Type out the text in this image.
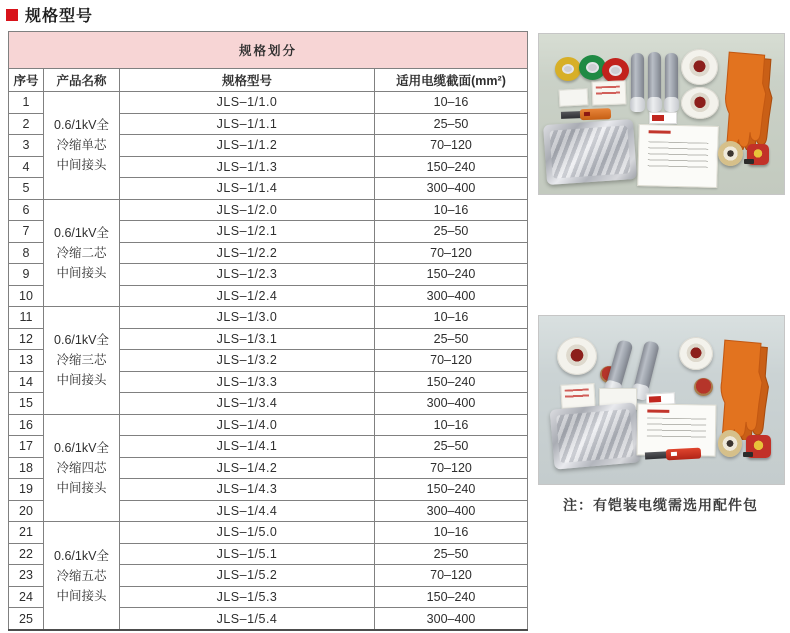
规格型号
规格划分			
序号	产品名称	规格型号	适用电缆截面(mm²)
1	0.6/1kV全
冷缩单芯
中间接头	JLS–1/1.0	10–16
2		JLS–1/1.1	25–50
3		JLS–1/1.2	70–120
4		JLS–1/1.3	150–240
5		JLS–1/1.4	300–400
6	0.6/1kV全
冷缩二芯
中间接头	JLS–1/2.0	10–16
7		JLS–1/2.1	25–50
8		JLS–1/2.2	70–120
9		JLS–1/2.3	150–240
10		JLS–1/2.4	300–400
11	0.6/1kV全
冷缩三芯
中间接头	JLS–1/3.0	10–16
12		JLS–1/3.1	25–50
13		JLS–1/3.2	70–120
14		JLS–1/3.3	150–240
15		JLS–1/3.4	300–400
16	0.6/1kV全
冷缩四芯
中间接头	JLS–1/4.0	10–16
17		JLS–1/4.1	25–50
18		JLS–1/4.2	70–120
19		JLS–1/4.3	150–240
20		JLS–1/4.4	300–400
21	0.6/1kV全
冷缩五芯
中间接头	JLS–1/5.0	10–16
22		JLS–1/5.1	25–50
23		JLS–1/5.2	70–120
24		JLS–1/5.3	150–240
25		JLS–1/5.4	300–400
注：有铠装电缆需选用配件包
